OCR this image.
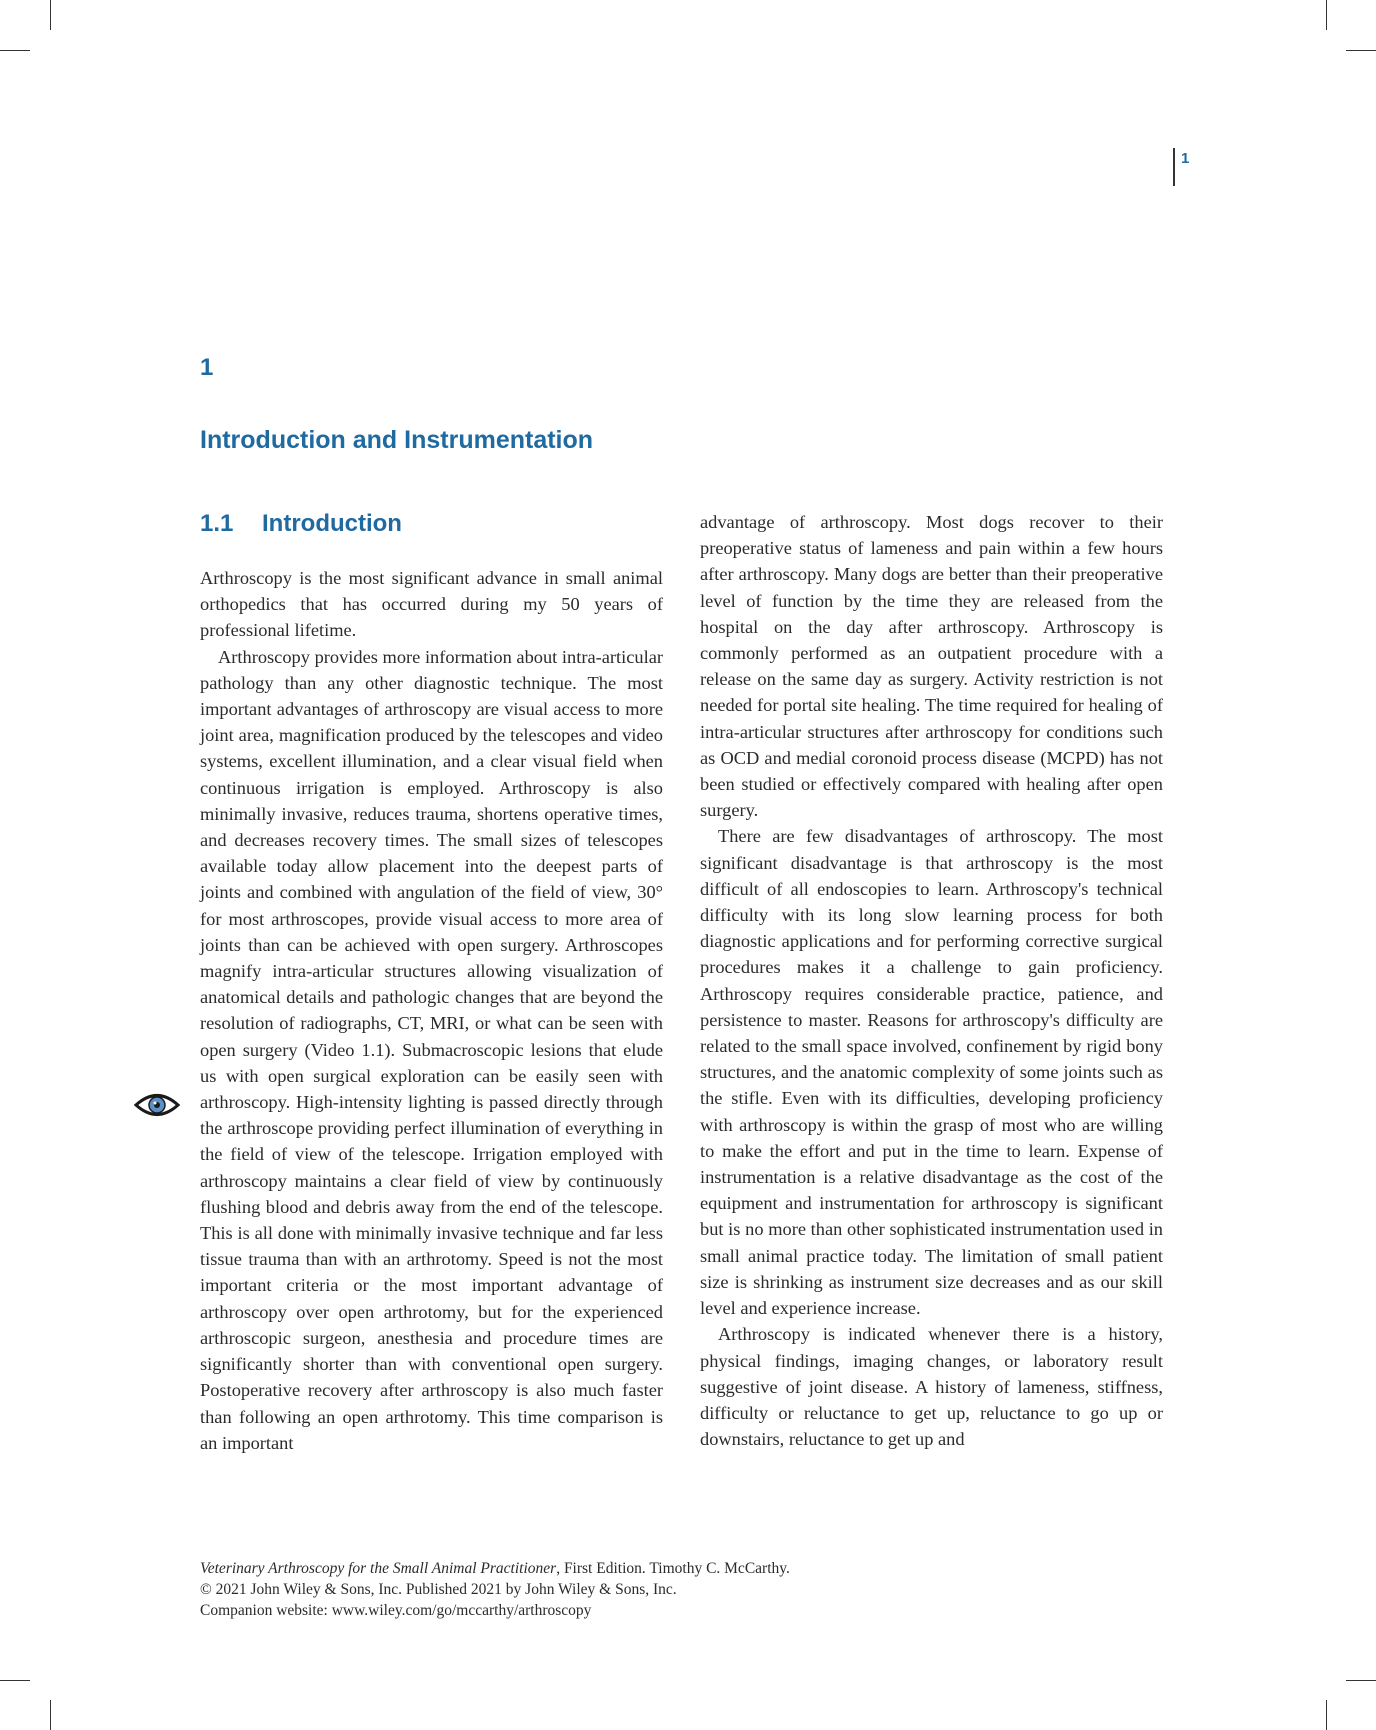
1
1
Introduction and Instrumentation
1.1 Introduction

Arthroscopy is the most significant advance in small animal orthopedics that has occurred during my 50 years of professional lifetime.

Arthroscopy provides more information about intra-articular pathology than any other diagnostic technique. The most important advantages of arthroscopy are visual access to more joint area, magnification produced by the telescopes and video systems, excellent illumination, and a clear visual field when continuous irrigation is employed. Arthroscopy is also minimally invasive, reduces trauma, shortens operative times, and decreases recovery times. The small sizes of telescopes available today allow placement into the deepest parts of joints and combined with angulation of the field of view, 30° for most arthroscopes, provide visual access to more area of joints than can be achieved with open surgery. Arthroscopes magnify intra-articular structures allowing visualization of anatomical details and pathologic changes that are beyond the resolution of radiographs, CT, MRI, or what can be seen with open surgery (Video 1.1). Submacroscopic lesions that elude us with open surgical exploration can be easily seen with arthroscopy. High-intensity lighting is passed directly through the arthroscope providing perfect illumination of everything in the field of view of the telescope. Irrigation employed with arthroscopy maintains a clear field of view by continuously flushing blood and debris away from the end of the telescope. This is all done with minimally invasive technique and far less tissue trauma than with an arthrotomy. Speed is not the most important criteria or the most important advantage of arthroscopy over open arthrotomy, but for the experienced arthroscopic surgeon, anesthesia and procedure times are significantly shorter than with conventional open surgery. Postoperative recovery after arthroscopy is also much faster than following an open arthrotomy. This time comparison is an important

advantage of arthroscopy. Most dogs recover to their preoperative status of lameness and pain within a few hours after arthroscopy. Many dogs are better than their preoperative level of function by the time they are released from the hospital on the day after arthroscopy. Arthroscopy is commonly performed as an outpatient procedure with a release on the same day as surgery. Activity restriction is not needed for portal site healing. The time required for healing of intra-articular structures after arthroscopy for conditions such as OCD and medial coronoid process disease (MCPD) has not been studied or effectively compared with healing after open surgery.

There are few disadvantages of arthroscopy. The most significant disadvantage is that arthroscopy is the most difficult of all endoscopies to learn. Arthroscopy's technical difficulty with its long slow learning process for both diagnostic applications and for performing corrective surgical procedures makes it a challenge to gain proficiency. Arthroscopy requires considerable practice, patience, and persistence to master. Reasons for arthroscopy's difficulty are related to the small space involved, confinement by rigid bony structures, and the anatomic complexity of some joints such as the stifle. Even with its difficulties, developing proficiency with arthroscopy is within the grasp of most who are willing to make the effort and put in the time to learn. Expense of instrumentation is a relative disadvantage as the cost of the equipment and instrumentation for arthroscopy is significant but is no more than other sophisticated instrumentation used in small animal practice today. The limitation of small patient size is shrinking as instrument size decreases and as our skill level and experience increase.

Arthroscopy is indicated whenever there is a history, physical findings, imaging changes, or laboratory result suggestive of joint disease. A history of lameness, stiffness, difficulty or reluctance to get up, reluctance to go up or downstairs, reluctance to get up and

Veterinary Arthroscopy for the Small Animal Practitioner, First Edition. Timothy C. McCarthy.
© 2021 John Wiley & Sons, Inc. Published 2021 by John Wiley & Sons, Inc.
Companion website: www.wiley.com/go/mccarthy/arthroscopy
